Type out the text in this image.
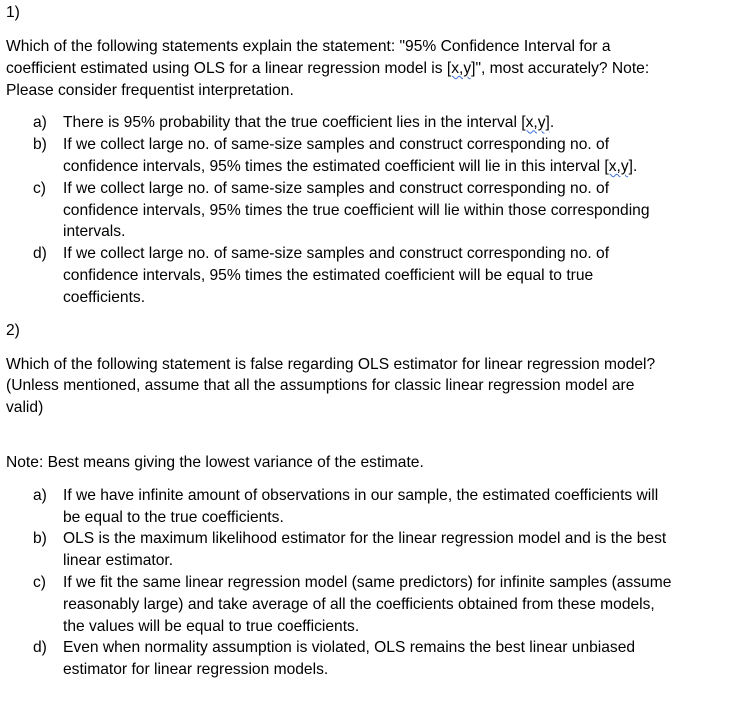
1)

Which of the following statements explain the statement: "95% Confidence Interval for a
coefficient estimated using OLS for a linear regression model is [x,y]", most accurately? Note:
Please consider frequentist interpretation.
a) There is 95% probability that the true coefficient lies in the interval [x,y].
b) If we collect large no. of same-size samples and construct corresponding no. of
confidence intervals, 95% times the estimated coefficient will lie in this interval [x,y].
c) If we collect large no. of same-size samples and construct corresponding no. of
confidence intervals, 95% times the true coefficient will lie within those corresponding
intervals.
d) If we collect large no. of same-size samples and construct corresponding no. of
confidence intervals, 95% times the estimated coefficient will be equal to true
coefficients.

2)

Which of the following statement is false regarding OLS estimator for linear regression model?
(Unless mentioned, assume that all the assumptions for classic linear regression model are
valid)

Note: Best means giving the lowest variance of the estimate.

a) If we have infinite amount of observations in our sample, the estimated coefficients will
be equal to the true coefficients.
b) OLS is the maximum likelihood estimator for the linear regression model and is the best
linear estimator.
c) If we fit the same linear regression model (same predictors) for infinite samples (assume
reasonably large) and take average of all the coefficients obtained from these models,
the values will be equal to true coefficients.
d) Even when normality assumption is violated, OLS remains the best linear unbiased
estimator for linear regression models.
